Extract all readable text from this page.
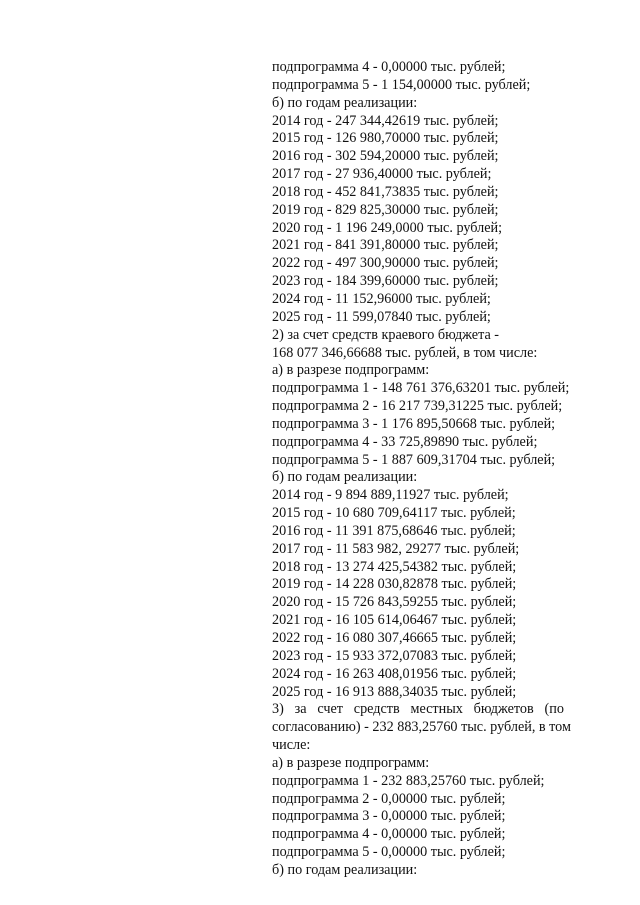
подпрограмма 4 - 0,00000 тыс. рублей;
подпрограмма 5 - 1 154,00000 тыс. рублей;
б) по годам реализации:
2014 год - 247 344,42619 тыс. рублей;
2015 год - 126 980,70000 тыс. рублей;
2016 год - 302 594,20000 тыс. рублей;
2017 год - 27 936,40000 тыс. рублей;
2018 год - 452 841,73835 тыс. рублей;
2019 год - 829 825,30000 тыс. рублей;
2020 год - 1 196 249,0000 тыс. рублей;
2021 год - 841 391,80000 тыс. рублей;
2022 год - 497 300,90000 тыс. рублей;
2023 год - 184 399,60000 тыс. рублей;
2024 год - 11 152,96000 тыс. рублей;
2025 год - 11 599,07840 тыс. рублей;
2) за счет средств краевого бюджета -
168 077 346,66688 тыс. рублей, в том числе:
а) в разрезе подпрограмм:
подпрограмма 1 - 148 761 376,63201 тыс. рублей;
подпрограмма 2 - 16 217 739,31225 тыс. рублей;
подпрограмма 3 - 1 176 895,50668 тыс. рублей;
подпрограмма 4 - 33 725,89890 тыс. рублей;
подпрограмма 5 - 1 887 609,31704 тыс. рублей;
б) по годам реализации:
2014 год - 9 894 889,11927 тыс. рублей;
2015 год - 10 680 709,64117 тыс. рублей;
2016 год - 11 391 875,68646 тыс. рублей;
2017 год - 11 583 982, 29277 тыс. рублей;
2018 год - 13 274 425,54382 тыс. рублей;
2019 год - 14 228 030,82878 тыс. рублей;
2020 год - 15 726 843,59255 тыс. рублей;
2021 год - 16 105 614,06467 тыс. рублей;
2022 год - 16 080 307,46665 тыс. рублей;
2023 год - 15 933 372,07083 тыс. рублей;
2024 год - 16 263 408,01956 тыс. рублей;
2025 год - 16 913 888,34035 тыс. рублей;
3) за счет средств местных бюджетов (по
согласованию) - 232 883,25760 тыс. рублей, в том
числе:
а) в разрезе подпрограмм:
подпрограмма 1 - 232 883,25760 тыс. рублей;
подпрограмма 2 - 0,00000 тыс. рублей;
подпрограмма 3 - 0,00000 тыс. рублей;
подпрограмма 4 - 0,00000 тыс. рублей;
подпрограмма 5 - 0,00000 тыс. рублей;
б) по годам реализации:
